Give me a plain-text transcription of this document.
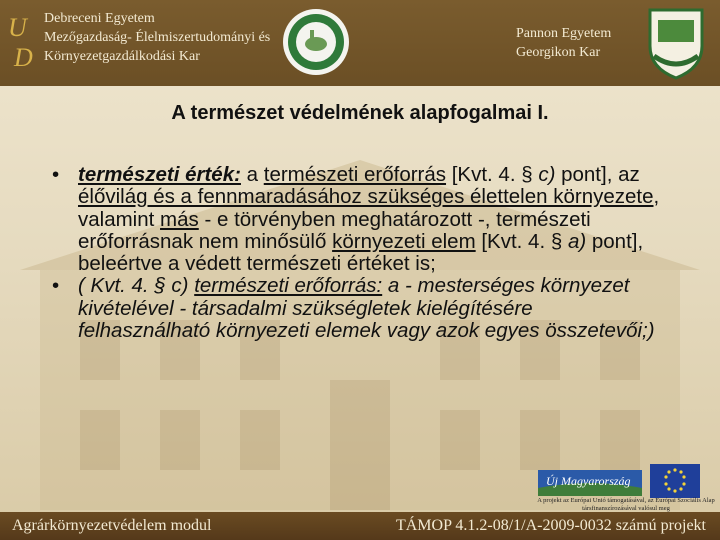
U
D
Debreceni Egyetem
Mezőgazdaság- Élelmiszertudományi és
Környezetgazdálkodási Kar
Pannon Egyetem
Georgikon Kar
A természet védelmének alapfogalmai I.

• természeti érték: a természeti erőforrás [Kvt. 4. § c) pont], az élővilág és a fennmaradásához szükséges élettelen környezete, valamint más - e törvényben meghatározott -, természeti erőforrásnak nem minősülő környezeti elem [Kvt. 4. § a) pont], beleértve a védett természeti értéket is;

• ( Kvt. 4. § c) természeti erőforrás: a - mesterséges környezet kivételével - társadalmi szükségletek kielégítésére felhasználható környezeti elemek vagy azok egyes összetevői;)

Új Magyarország
A projekt az Európai Unió támogatásával, az Európai Szociális Alap társfinanszírozásával valósul meg
Agrárkörnyezetvédelem modul	TÁMOP 4.1.2-08/1/A-2009-0032 számú projekt
